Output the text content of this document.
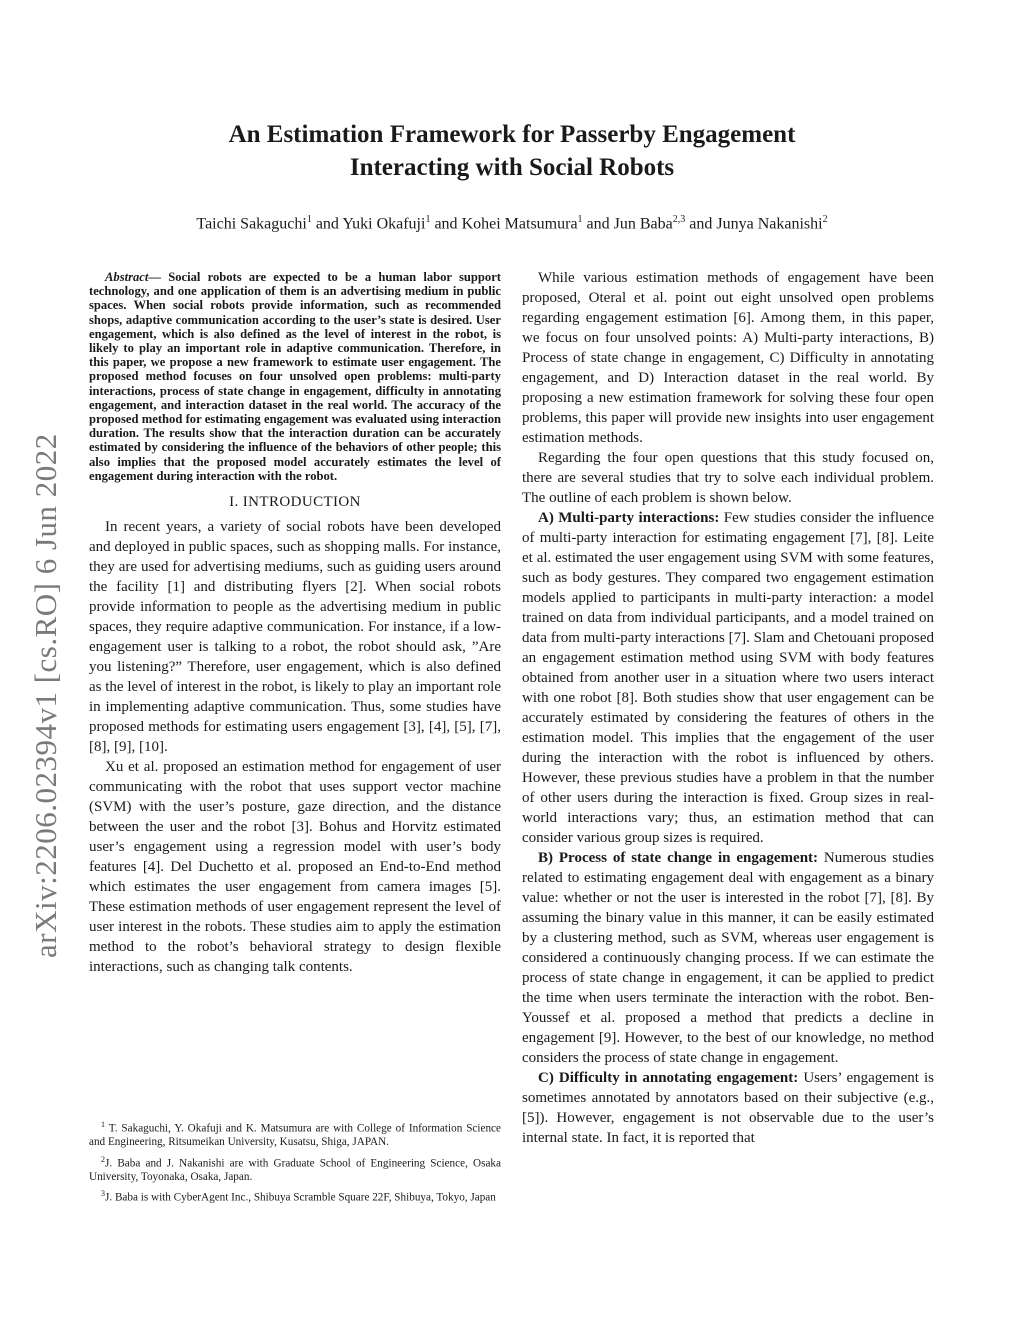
arXiv:2206.02394v1 [cs.RO] 6 Jun 2022
An Estimation Framework for Passerby Engagement
Interacting with Social Robots
Taichi Sakaguchi$^1$ and Yuki Okafuji$^1$ and Kohei Matsumura$^1$ and Jun Baba$^{2,3}$ and Junya Nakanishi$^2$

Abstract— Social robots are expected to be a human labor support technology, and one application of them is an advertising medium in public spaces. When social robots provide information, such as recommended shops, adaptive communication according to the user’s state is desired. User engagement, which is also defined as the level of interest in the robot, is likely to play an important role in adaptive communication. Therefore, in this paper, we propose a new framework to estimate user engagement. The proposed method focuses on four unsolved open problems: multi-party interactions, process of state change in engagement, difficulty in annotating engagement, and interaction dataset in the real world. The accuracy of the proposed method for estimating engagement was evaluated using interaction duration. The results show that the interaction duration can be accurately estimated by considering the influence of the behaviors of other people; this also implies that the proposed model accurately estimates the level of engagement during interaction with the robot.

I. INTRODUCTION

In recent years, a variety of social robots have been developed and deployed in public spaces, such as shopping malls. For instance, they are used for advertising mediums, such as guiding users around the facility [1] and distributing flyers [2]. When social robots provide information to people as the advertising medium in public spaces, they require adaptive communication. For instance, if a low-engagement user is talking to a robot, the robot should ask, ”Are you listening?” Therefore, user engagement, which is also defined as the level of interest in the robot, is likely to play an important role in implementing adaptive communication. Thus, some studies have proposed methods for estimating users engagement [3], [4], [5], [7], [8], [9], [10].

Xu et al. proposed an estimation method for engagement of user communicating with the robot that uses support vector machine (SVM) with the user’s posture, gaze direction, and the distance between the user and the robot [3]. Bohus and Horvitz estimated user’s engagement using a regression model with user’s body features [4]. Del Duchetto et al. proposed an End-to-End method which estimates the user engagement from camera images [5]. These estimation methods of user engagement represent the level of user interest in the robots. These studies aim to apply the estimation method to the robot’s behavioral strategy to design flexible interactions, such as changing talk contents.

$^1$ T. Sakaguchi, Y. Okafuji and K. Matsumura are with College of Information Science and Engineering, Ritsumeikan University, Kusatsu, Shiga, JAPAN.

$^2$J. Baba and J. Nakanishi are with Graduate School of Engineering Science, Osaka University, Toyonaka, Osaka, Japan.

$^3$J. Baba is with CyberAgent Inc., Shibuya Scramble Square 22F, Shibuya, Tokyo, Japan

While various estimation methods of engagement have been proposed, Oteral et al. point out eight unsolved open problems regarding engagement estimation [6]. Among them, in this paper, we focus on four unsolved points: A) Multi-party interactions, B) Process of state change in engagement, C) Difficulty in annotating engagement, and D) Interaction dataset in the real world. By proposing a new estimation framework for solving these four open problems, this paper will provide new insights into user engagement estimation methods.

Regarding the four open questions that this study focused on, there are several studies that try to solve each individual problem. The outline of each problem is shown below.

A) Multi-party interactions: Few studies consider the influence of multi-party interaction for estimating engagement [7], [8]. Leite et al. estimated the user engagement using SVM with some features, such as body gestures. They compared two engagement estimation models applied to participants in multi-party interaction: a model trained on data from individual participants, and a model trained on data from multi-party interactions [7]. Slam and Chetouani proposed an engagement estimation method using SVM with body features obtained from another user in a situation where two users interact with one robot [8]. Both studies show that user engagement can be accurately estimated by considering the features of others in the estimation model. This implies that the engagement of the user during the interaction with the robot is influenced by others. However, these previous studies have a problem in that the number of other users during the interaction is fixed. Group sizes in real-world interactions vary; thus, an estimation method that can consider various group sizes is required.

B) Process of state change in engagement: Numerous studies related to estimating engagement deal with engagement as a binary value: whether or not the user is interested in the robot [7], [8]. By assuming the binary value in this manner, it can be easily estimated by a clustering method, such as SVM, whereas user engagement is considered a continuously changing process. If we can estimate the process of state change in engagement, it can be applied to predict the time when users terminate the interaction with the robot. Ben-Youssef et al. proposed a method that predicts a decline in engagement [9]. However, to the best of our knowledge, no method considers the process of state change in engagement.

C) Difficulty in annotating engagement: Users’ engagement is sometimes annotated by annotators based on their subjective (e.g., [5]). However, engagement is not observable due to the user’s internal state. In fact, it is reported that
